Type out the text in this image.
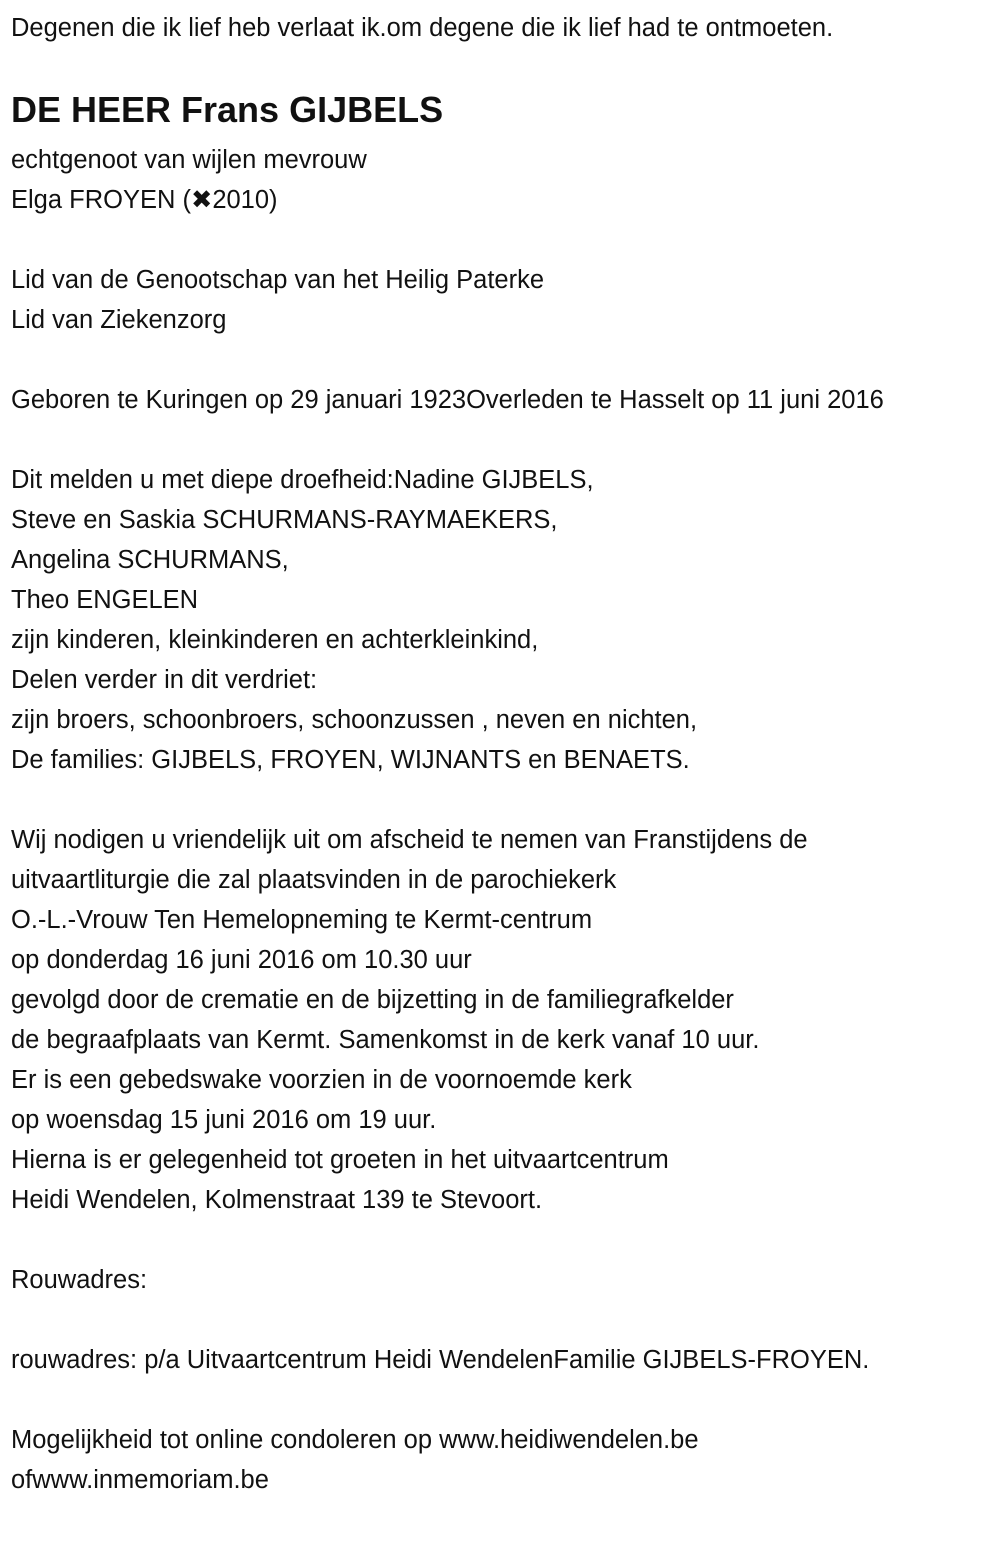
Degenen die ik lief heb verlaat ik.om degene die ik lief had te ontmoeten.
DE HEER Frans GIJBELS
echtgenoot van wijlen mevrouw
Elga FROYEN (✖2010)
Lid van de Genootschap van het Heilig Paterke
Lid van Ziekenzorg
Geboren te Kuringen op 29 januari 1923Overleden te Hasselt op 11 juni 2016
Dit melden u met diepe droefheid:Nadine GIJBELS,
Steve en Saskia SCHURMANS-RAYMAEKERS,
Angelina SCHURMANS,
Theo ENGELEN
zijn kinderen, kleinkinderen en achterkleinkind,
Delen verder in dit verdriet:
zijn broers, schoonbroers, schoonzussen , neven en nichten,
De families: GIJBELS, FROYEN, WIJNANTS en BENAETS.
Wij nodigen u vriendelijk uit om afscheid te nemen van Franstijdens de
uitvaartliturgie die zal plaatsvinden in de parochiekerk
O.-L.-Vrouw Ten Hemelopneming te Kermt-centrum
op donderdag 16 juni 2016 om 10.30 uur
gevolgd door de crematie en de bijzetting in de familiegrafkelder
de begraafplaats van Kermt. Samenkomst in de kerk vanaf 10 uur.
Er is een gebedswake voorzien in de voornoemde kerk
op woensdag 15 juni 2016 om 19 uur.
Hierna is er gelegenheid tot groeten in het uitvaartcentrum
Heidi Wendelen, Kolmenstraat 139 te Stevoort.
Rouwadres:
rouwadres: p/a Uitvaartcentrum Heidi WendelenFamilie GIJBELS-FROYEN.
Mogelijkheid tot online condoleren op www.heidiwendelen.be
ofwww.inmemoriam.be
